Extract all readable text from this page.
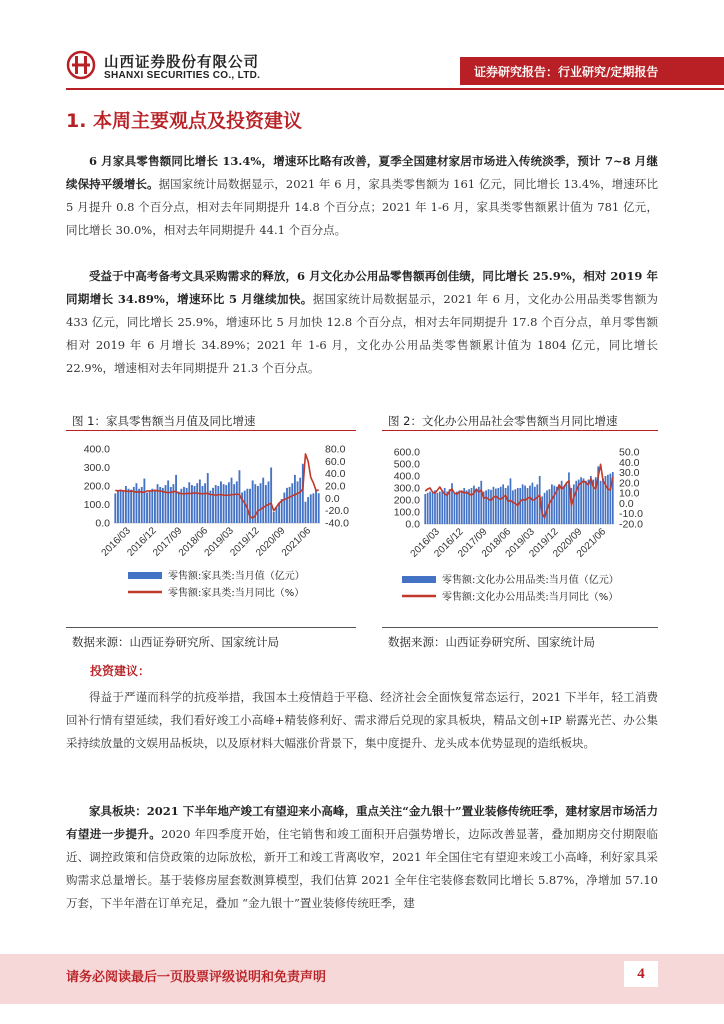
山西证券股份有限公司
SHANXI SECURITIES CO., LTD.	证券研究报告：行业研究/定期报告
1. 本周主要观点及投资建议
6 月家具零售额同比增长 13.4%，增速环比略有改善，夏季全国建材家居市场进入传统淡季，预计 7~8 月继续保持平缓增长。据国家统计局数据显示，2021 年 6 月，家具类零售额为 161 亿元，同比增长 13.4%，增速环比 5 月提升 0.8 个百分点，相对去年同期提升 14.8 个百分点；2021 年 1-6 月，家具类零售额累计值为 781 亿元，同比增长 30.0%，相对去年同期提升 44.1 个百分点。
受益于中高考备考文具采购需求的释放，6 月文化办公用品零售额再创佳绩，同比增长 25.9%，相对 2019 年同期增长 34.89%，增速环比 5 月继续加快。据国家统计局数据显示，2021 年 6 月，文化办公用品类零售额为 433 亿元，同比增长 25.9%，增速环比 5 月加快 12.8 个百分点，相对去年同期提升 17.8 个百分点，单月零售额相对 2019 年 6 月增长 34.89%；2021 年 1-6 月，文化办公用品类零售额累计值为 1804 亿元，同比增长 22.9%，增速相对去年同期提升 21.3 个百分点。
图 1：家具零售额当月值及同比增速	图 2：文化办公用品社会零售额当月同比增速
400.0
300.0
200.0
100.0
0.0
80.0
60.0
40.0
20.0
0.0
-20.0
-40.0
2016/03
2016/12
2017/09
2018/06
2019/03
2019/12
2020/09
2021/06
零售额:家具类:当月值（亿元）
零售额:家具类:当月同比（%）
600.0
500.0
400.0
300.0
200.0
100.0
0.0
50.0
40.0
30.0
20.0
10.0
0.0
-10.0
-20.0
2016/03
2016/12
2017/09
2018/06
2019/03
2019/12
2020/09
2021/06
零售额:文化办公用品类:当月值（亿元）
零售额:文化办公用品类:当月同比（%）
数据来源：山西证券研究所、国家统计局	数据来源：山西证券研究所、国家统计局
投资建议：
得益于严谨而科学的抗疫举措，我国本土疫情趋于平稳、经济社会全面恢复常态运行，2021 下半年，轻工消费回补行情有望延续，我们看好竣工小高峰+精装修利好、需求滞后兑现的家具板块，精品文创+IP 崭露光芒、办公集采持续放量的文娱用品板块，以及原材料大幅涨价背景下，集中度提升、龙头成本优势显现的造纸板块。
家具板块：2021 下半年地产竣工有望迎来小高峰，重点关注“金九银十”置业装修传统旺季，建材家居市场活力有望进一步提升。2020 年四季度开始，住宅销售和竣工面积开启强势增长，边际改善显著，叠加期房交付期限临近、调控政策和信贷政策的边际放松，新开工和竣工背离收窄，2021 年全国住宅有望迎来竣工小高峰，利好家具采购需求总量增长。基于装修房屋套数测算模型，我们估算 2021 全年住宅装修套数同比增长 5.87%，净增加 57.10 万套，下半年潜在订单充足，叠加 “金九银十”置业装修传统旺季，建
请务必阅读最后一页股票评级说明和免责声明	4
